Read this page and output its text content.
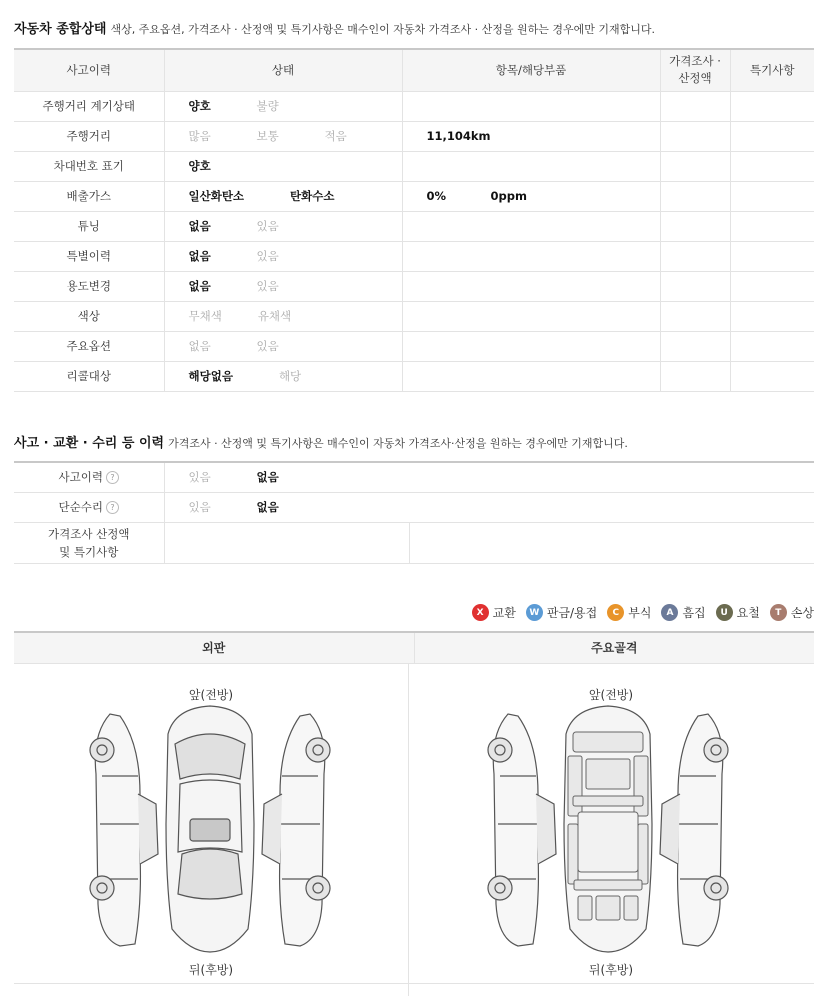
자동차 종합상태 색상, 주요옵션, 가격조사 · 산정액 및 특기사항은 매수인이 자동차 가격조사 · 산정을 원하는 경우에만 기재합니다.
사고이력	상태	항목/해당부품	가격조사 ·
산정액	특기사항
주행거리 계기상태	양호 불량			
주행거리	많음 보통 적음	11,104km		
차대번호 표기	양호			
배출가스	일산화탄소 탄화수소	0% 0ppm		
튜닝	없음 있음			
특별이력	없음 있음			
용도변경	없음 있음			
색상	무채색 유채색			
주요옵션	없음 있음			
리콜대상	해당없음 해당			
사고 · 교환 · 수리 등 이력 가격조사 · 산정액 및 특기사항은 매수인이 자동차 가격조사·산정을 원하는 경우에만 기재합니다.
사고이력 ?	있음 없음	
단순수리 ?	있음 없음	
가격조사 산정액
및 특기사항		
X 교환	W 판금/용접	C 부식	A 흠집	U 요철	T 손상
외판	주요골격
앞(전방)
뒤(후방)
앞(전방)
뒤(후방)
